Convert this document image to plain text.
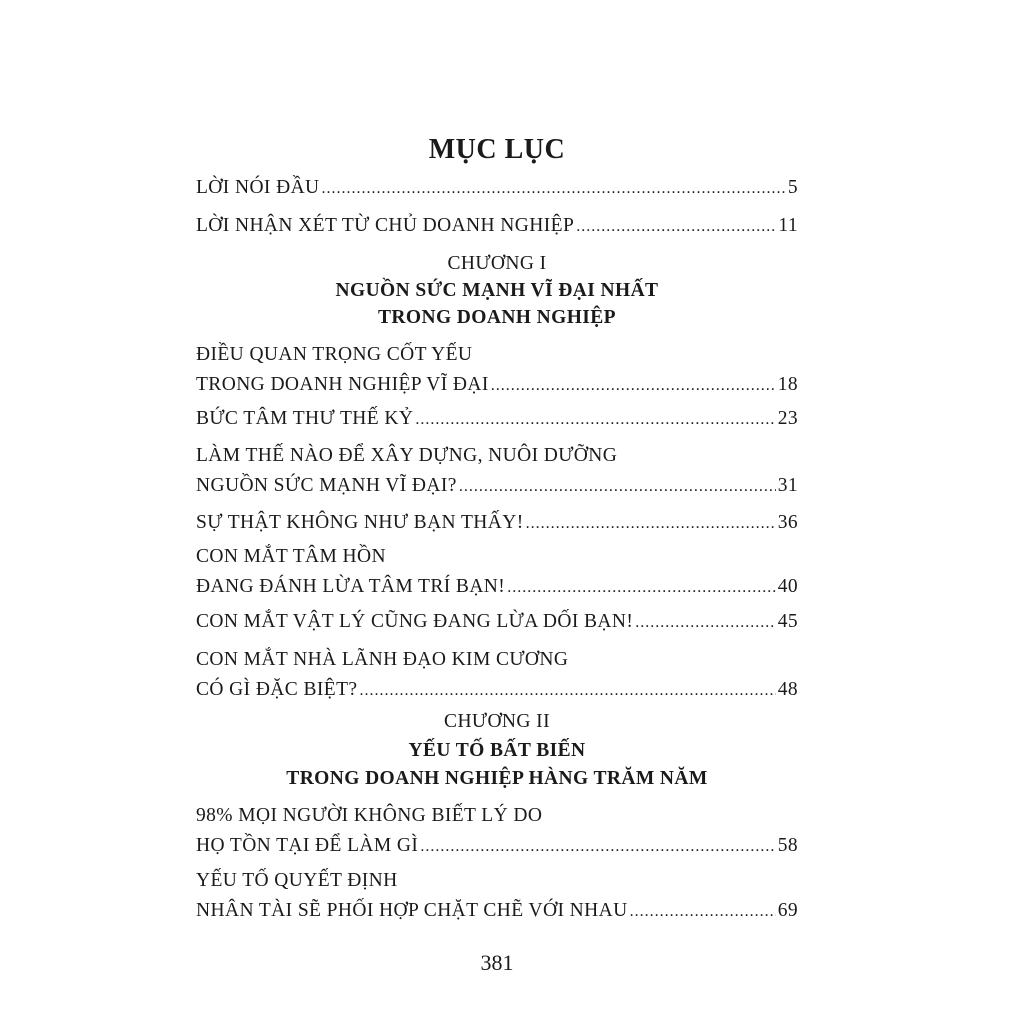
MỤC LỤC
LỜI NÓI ĐẦU .....	5
LỜI NHẬN XÉT TỪ CHỦ DOANH NGHIỆP .....	11
CHƯƠNG I
NGUỒN SỨC MẠNH VĨ ĐẠI NHẤT
TRONG DOANH NGHIỆP
ĐIỀU QUAN TRỌNG CỐT YẾU
TRONG DOANH NGHIỆP VĨ ĐẠI .....	18
BỨC TÂM THƯ THẾ KỶ .....	23
LÀM THẾ NÀO ĐỂ XÂY DỰNG, NUÔI DƯỠNG
NGUỒN SỨC MẠNH VĨ ĐẠI? .....	31
SỰ THẬT KHÔNG NHƯ BẠN THẤY! .....	36
CON MẮT TÂM HỒN
ĐANG ĐÁNH LỪA TÂM TRÍ BẠN! .....	40
CON MẮT VẬT LÝ CŨNG ĐANG LỪA DỐI BẠN! .....	45
CON MẮT NHÀ LÃNH ĐẠO KIM CƯƠNG
CÓ GÌ ĐẶC BIỆT? .....	48
CHƯƠNG II
YẾU TỐ BẤT BIẾN
TRONG DOANH NGHIỆP HÀNG TRĂM NĂM
98% MỌI NGƯỜI KHÔNG BIẾT LÝ DO
HỌ TỒN TẠI ĐỂ LÀM GÌ .....	58
YẾU TỐ QUYẾT ĐỊNH
NHÂN TÀI SẼ PHỐI HỢP CHẶT CHẼ VỚI NHAU .....	69
381
